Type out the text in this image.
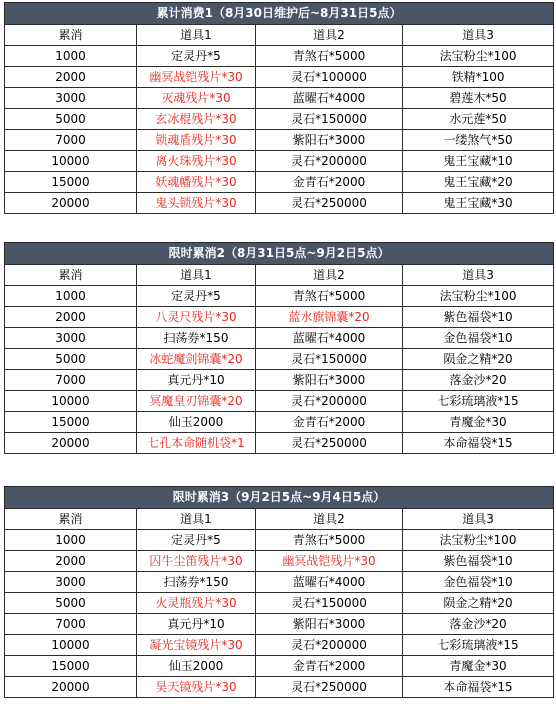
累计消费1（8月30日维护后~8月31日5点）			
累消	道具1	道具2	道具3
1000	定灵丹*5	青煞石*5000	法宝粉尘*100
2000	幽冥战铠残片*30	灵石*100000	铁精*100
3000	灭魂残片*30	蓝曜石*4000	碧莲木*50
5000	玄冰棍残片*30	灵石*150000	水元莲*50
7000	锁魂盾残片*30	紫阳石*3000	一缕煞气*50
10000	离火珠残片*30	灵石*200000	鬼王宝藏*10
15000	妖魂幡残片*30	金青石*2000	鬼王宝藏*20
20000	鬼头锁残片*30	灵石*250000	鬼王宝藏*30
限时累消2（8月31日5点~9月2日5点）			
累消	道具1	道具2	道具3
1000	定灵丹*5	青煞石*5000	法宝粉尘*100
2000	八灵尺残片*30	蓝水旗锦囊*20	紫色福袋*10
3000	扫荡券*150	蓝曜石*4000	金色福袋*10
5000	冰蛇魔剑锦囊*20	灵石*150000	陨金之精*20
7000	真元丹*10	紫阳石*3000	落金沙*20
10000	冥魔皇刃锦囊*20	灵石*200000	七彩琉璃液*15
15000	仙玉2000	金青石*2000	青魔金*30
20000	七孔本命随机袋*1	灵石*250000	本命福袋*15
限时累消3（9月2日5点~9月4日5点）			
累消	道具1	道具2	道具3
1000	定灵丹*5	青煞石*5000	法宝粉尘*100
2000	囚牛尘笛残片*30	幽冥战铠残片*30	紫色福袋*10
3000	扫荡券*150	蓝曜石*4000	金色福袋*10
5000	火灵瓶残片*30	灵石*150000	陨金之精*20
7000	真元丹*10	紫阳石*3000	落金沙*20
10000	凝光宝镜残片*30	灵石*200000	七彩琉璃液*15
15000	仙玉2000	金青石*2000	青魔金*30
20000	昊天镜残片*30	灵石*250000	本命福袋*15
